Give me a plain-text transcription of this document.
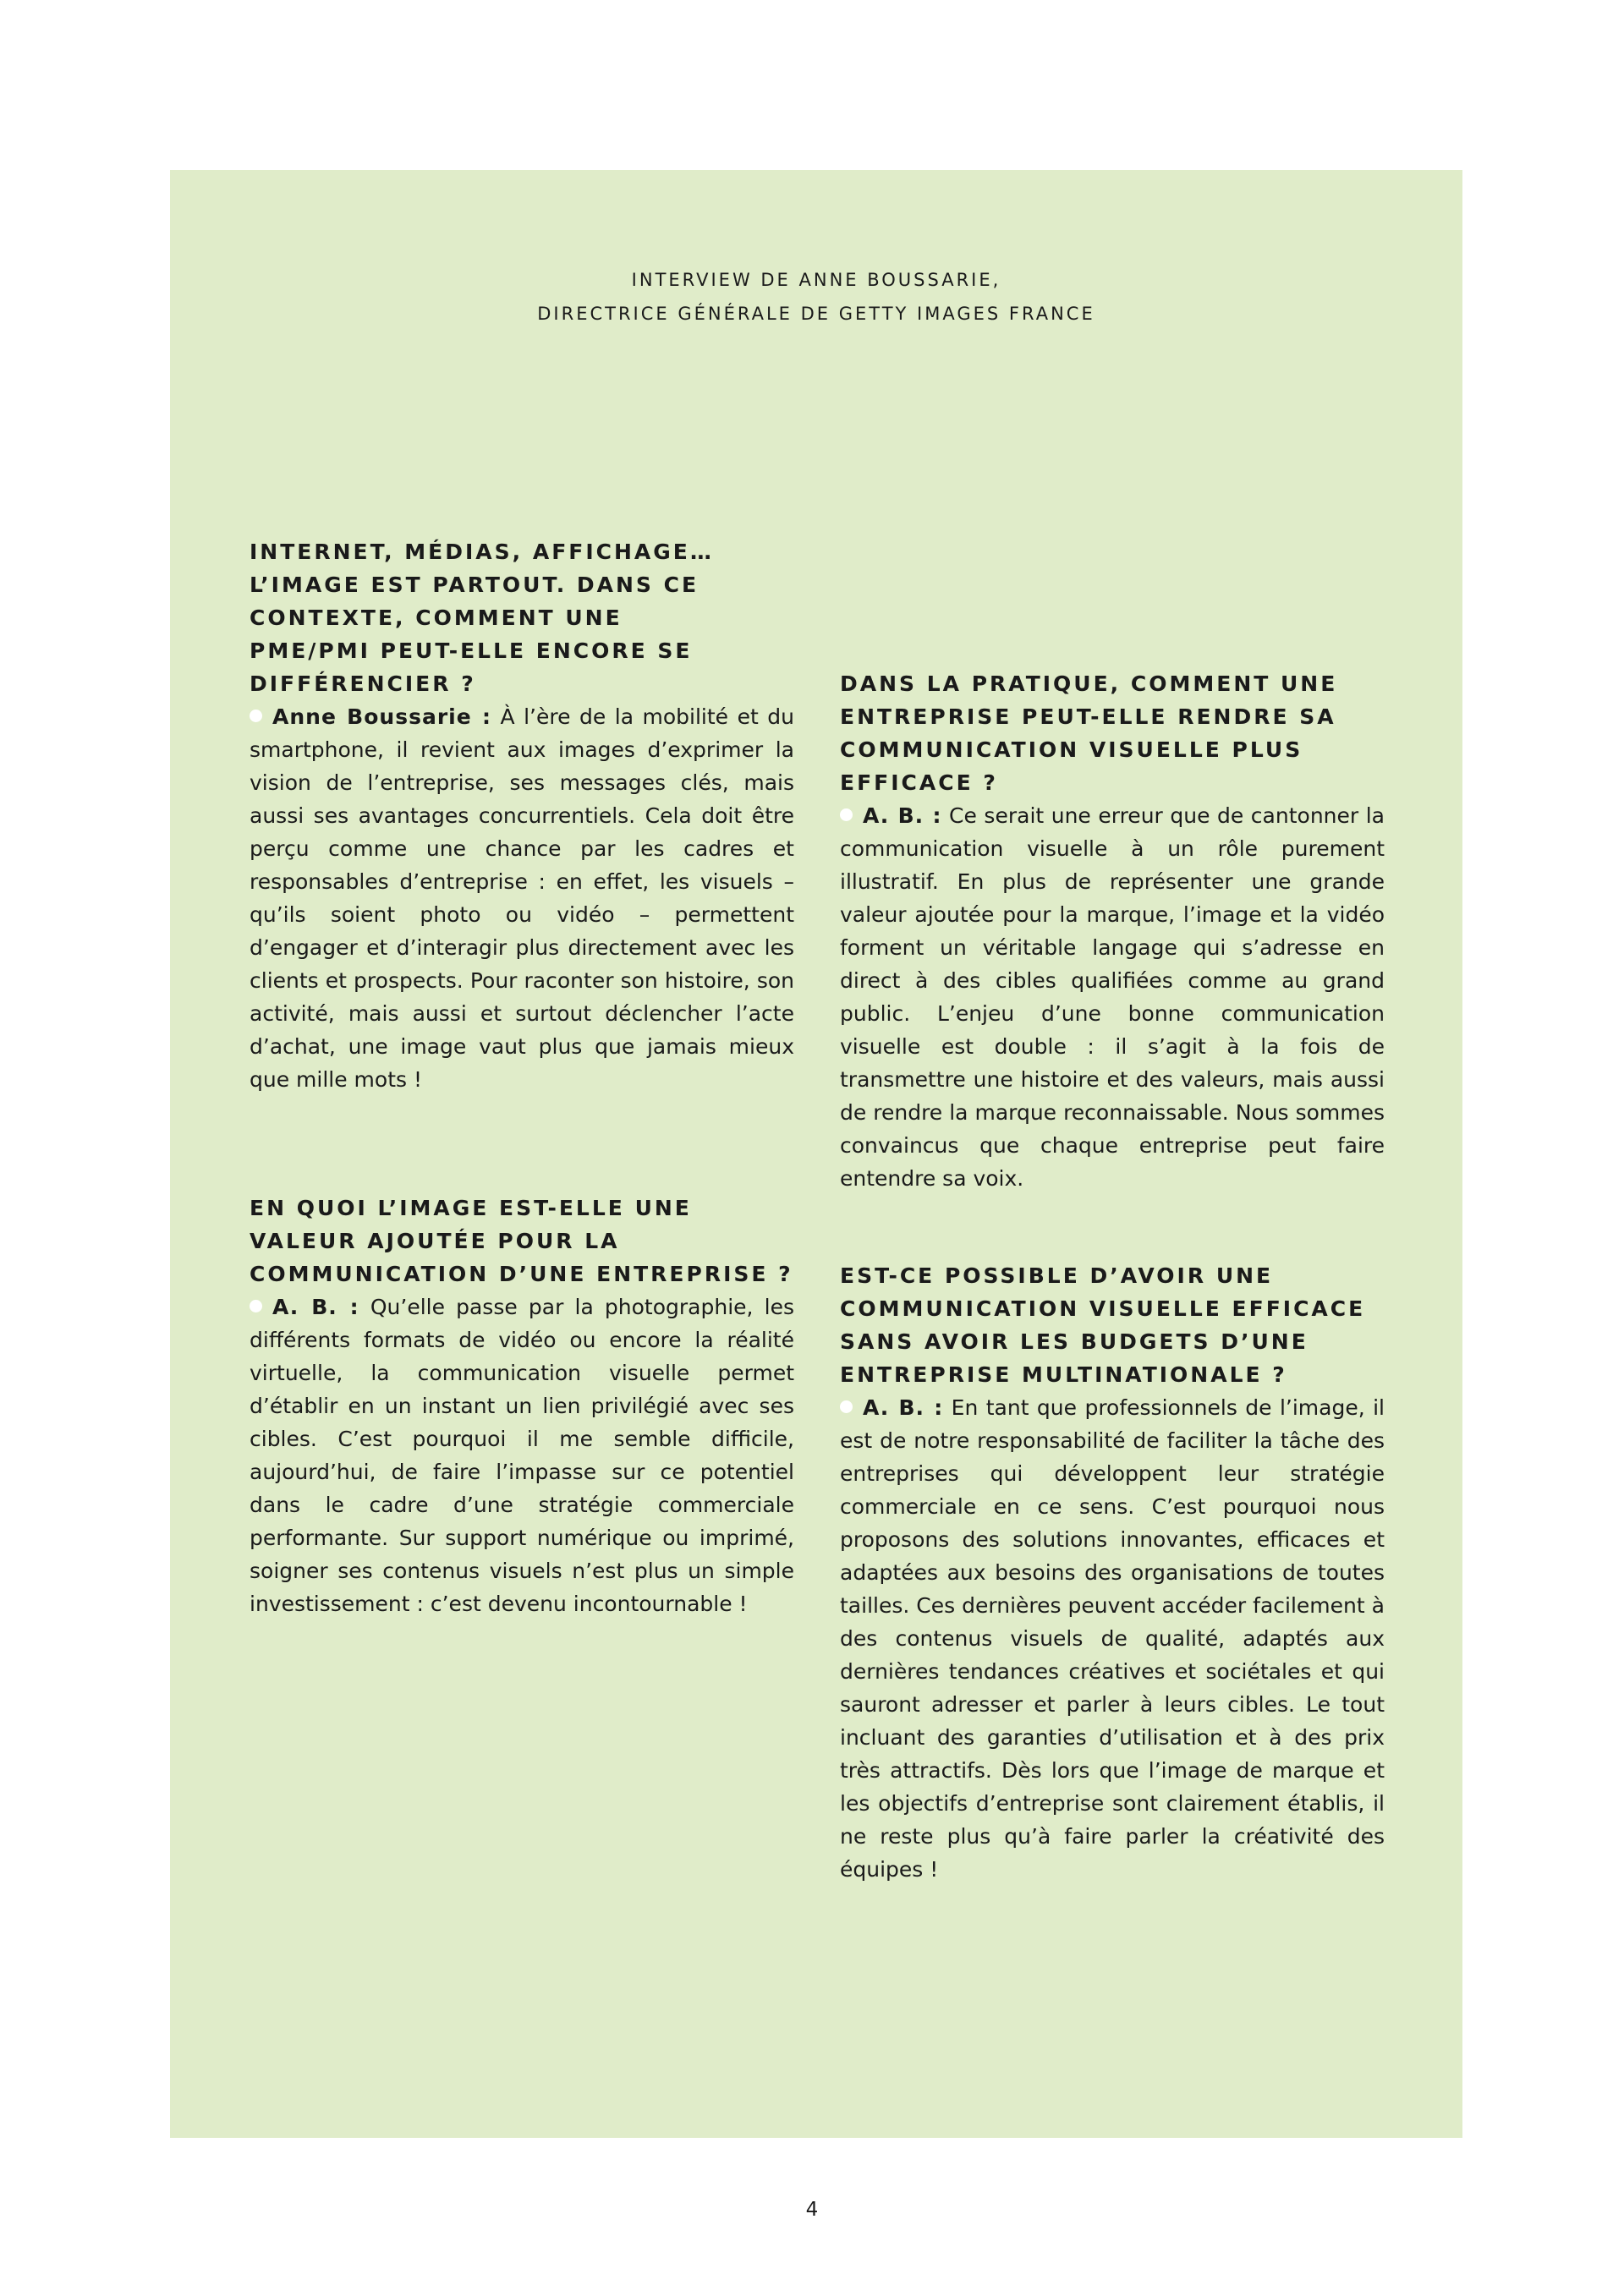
INTERVIEW DE ANNE BOUSSARIE,
DIRECTRICE GÉNÉRALE DE GETTY IMAGES FRANCE

INTERNET, MÉDIAS, AFFICHAGE… L’IMAGE EST PARTOUT. DANS CE CONTEXTE, COMMENT UNE PME/PMI PEUT-ELLE ENCORE SE DIFFÉRENCIER ?

Anne Boussarie : À l’ère de la mobilité et du smartphone, il revient aux images d’exprimer la vision de l’entreprise, ses messages clés, mais aussi ses avantages concurrentiels. Cela doit être perçu comme une chance par les cadres et responsables d’entreprise : en effet, les visuels – qu’ils soient photo ou vidéo – permettent d’engager et d’interagir plus directement avec les clients et prospects. Pour raconter son histoire, son activité, mais aussi et surtout déclencher l’acte d’achat, une image vaut plus que jamais mieux que mille mots !

EN QUOI L’IMAGE EST-ELLE UNE VALEUR AJOUTÉE POUR LA COMMUNICATION D’UNE ENTREPRISE ?

A. B. : Qu’elle passe par la photographie, les différents formats de vidéo ou encore la réalité virtuelle, la communication visuelle permet d’établir en un instant un lien privilégié avec ses cibles. C’est pourquoi il me semble difficile, aujourd’hui, de faire l’impasse sur ce potentiel dans le cadre d’une stratégie commerciale performante. Sur support numérique ou imprimé, soigner ses contenus visuels n’est plus un simple investissement : c’est devenu incontournable !

DANS LA PRATIQUE, COMMENT UNE ENTREPRISE PEUT-ELLE RENDRE SA COMMUNICATION VISUELLE PLUS EFFICACE ?

A. B. : Ce serait une erreur que de cantonner la communication visuelle à un rôle purement illustratif. En plus de représenter une grande valeur ajoutée pour la marque, l’image et la vidéo forment un véritable langage qui s’adresse en direct à des cibles qualifiées comme au grand public. L’enjeu d’une bonne communication visuelle est double : il s’agit à la fois de transmettre une histoire et des valeurs, mais aussi de rendre la marque reconnaissable. Nous sommes convaincus que chaque entreprise peut faire entendre sa voix.

EST-CE POSSIBLE D’AVOIR UNE COMMUNICATION VISUELLE EFFICACE SANS AVOIR LES BUDGETS D’UNE ENTREPRISE MULTINATIONALE ?

A. B. : En tant que professionnels de l’image, il est de notre responsabilité de faciliter la tâche des entreprises qui développent leur stratégie commerciale en ce sens. C’est pourquoi nous proposons des solutions innovantes, efficaces et adaptées aux besoins des organisations de toutes tailles. Ces dernières peuvent accéder facilement à des contenus visuels de qualité, adaptés aux dernières tendances créatives et sociétales et qui sauront adresser et parler à leurs cibles. Le tout incluant des garanties d’utilisation et à des prix très attractifs. Dès lors que l’image de marque et les objectifs d’entreprise sont clairement établis, il ne reste plus qu’à faire parler la créativité des équipes !

4
